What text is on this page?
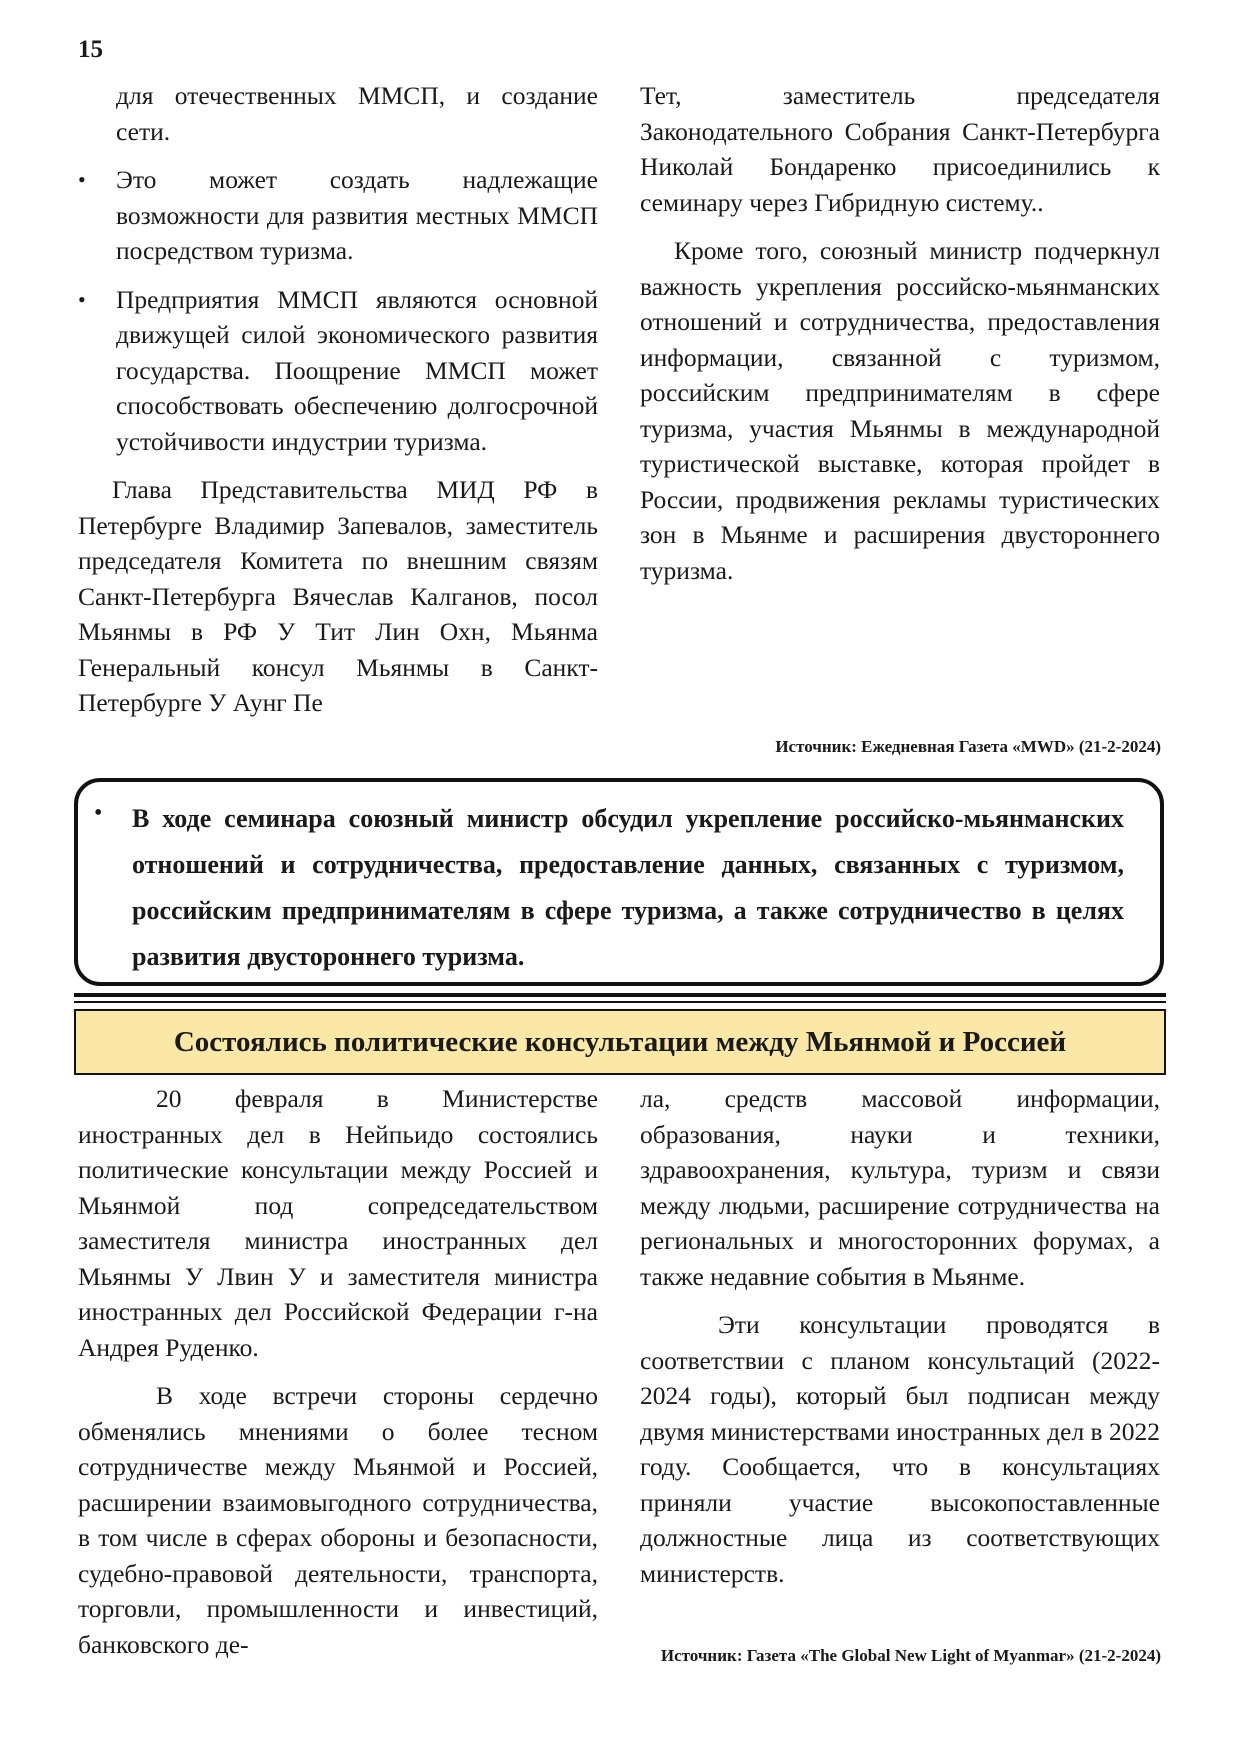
15
для отечественных ММСП, и создание сети.
• Это может создать надлежащие возможности для развития местных ММСП посредством туризма.
• Предприятия ММСП являются основной движущей силой экономического развития государства. Поощрение ММСП может способствовать обеспечению долгосрочной устойчивости индустрии туризма.

Глава Представительства МИД РФ в Петербурге Владимир Запевалов, заместитель председателя Комитета по внешним связям Санкт-Петербурга Вячеслав Калганов, посол Мьянмы в РФ У Тит Лин Охн, Мьянма Генеральный консул Мьянмы в Санкт-Петербурге У Аунг Пе

Тет, заместитель председателя Законодательного Собрания Санкт-Петербурга Николай Бондаренко присоединились к семинару через Гибридную систему..

Кроме того, союзный министр подчеркнул важность укрепления российско-мьянманских отношений и сотрудничества, предоставления информации, связанной с туризмом, российским предпринимателям в сфере туризма, участия Мьянмы в международной туристической выставке, которая пройдет в России, продвижения рекламы туристических зон в Мьянме и расширения двустороннего туризма.

Источник: Ежедневная Газета «MWD» (21-2-2024)
• В ходе семинара союзный министр обсудил укрепление российско-мьянманских отношений и сотрудничества, предоставление данных, связанных с туризмом, российским предпринимателям в сфере туризма, а также сотрудничество в целях развития двустороннего туризма.

Состоялись политические консультации между Мьянмой и Россией

20 февраля в Министерстве иностранных дел в Нейпьидо состоялись политические консультации между Россией и Мьянмой под сопредседательством заместителя министра иностранных дел Мьянмы У Лвин У и заместителя министра иностранных дел Российской Федерации г-на Андрея Руденко.

В ходе встречи стороны сердечно обменялись мнениями о более тесном сотрудничестве между Мьянмой и Россией, расширении взаимовыгодного сотрудничества, в том числе в сферах обороны и безопасности, судебно-правовой деятельности, транспорта, торговли, промышленности и инвестиций, банковского де-

ла, средств массовой информации, образования, науки и техники, здравоохранения, культура, туризм и связи между людьми, расширение сотрудничества на региональных и многосторонних форумах, а также недавние события в Мьянме.

Эти консультации проводятся в соответствии с планом консультаций (2022-2024 годы), который был подписан между двумя министерствами иностранных дел в 2022 году. Сообщается, что в консультациях приняли участие высокопоставленные должностные лица из соответствующих министерств.

Источник: Газета «The Global New Light of Myanmar» (21-2-2024)
